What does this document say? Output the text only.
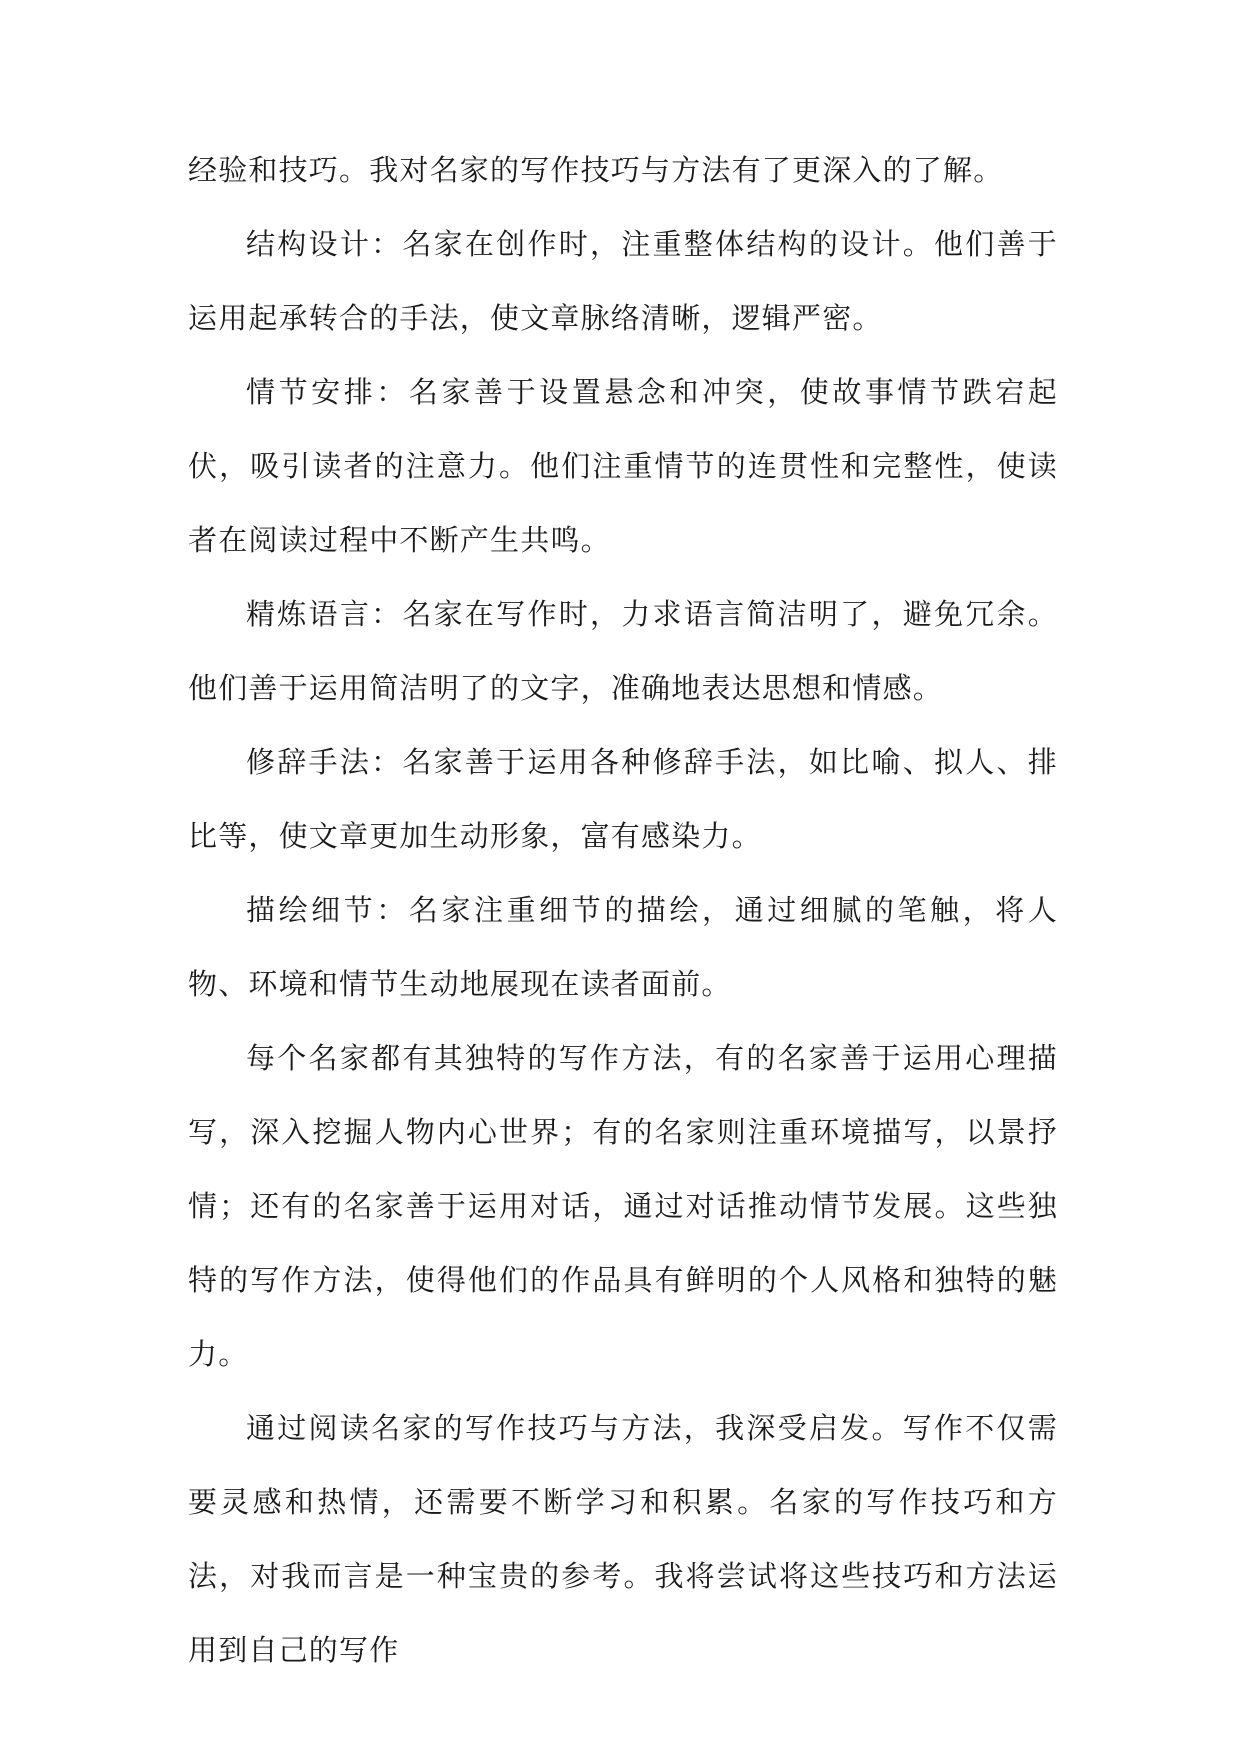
经验和技巧。我对名家的写作技巧与方法有了更深入的了解。

结构设计：名家在创作时，注重整体结构的设计。他们善于运用起承转合的手法，使文章脉络清晰，逻辑严密。

情节安排：名家善于设置悬念和冲突，使故事情节跌宕起伏，吸引读者的注意力。他们注重情节的连贯性和完整性，使读者在阅读过程中不断产生共鸣。

精炼语言：名家在写作时，力求语言简洁明了，避免冗余。他们善于运用简洁明了的文字，准确地表达思想和情感。

修辞手法：名家善于运用各种修辞手法，如比喻、拟人、排比等，使文章更加生动形象，富有感染力。

描绘细节：名家注重细节的描绘，通过细腻的笔触，将人物、环境和情节生动地展现在读者面前。

每个名家都有其独特的写作方法，有的名家善于运用心理描写，深入挖掘人物内心世界；有的名家则注重环境描写，以景抒情；还有的名家善于运用对话，通过对话推动情节发展。这些独特的写作方法，使得他们的作品具有鲜明的个人风格和独特的魅力。

通过阅读名家的写作技巧与方法，我深受启发。写作不仅需要灵感和热情，还需要不断学习和积累。名家的写作技巧和方法，对我而言是一种宝贵的参考。我将尝试将这些技巧和方法运用到自己的写作
